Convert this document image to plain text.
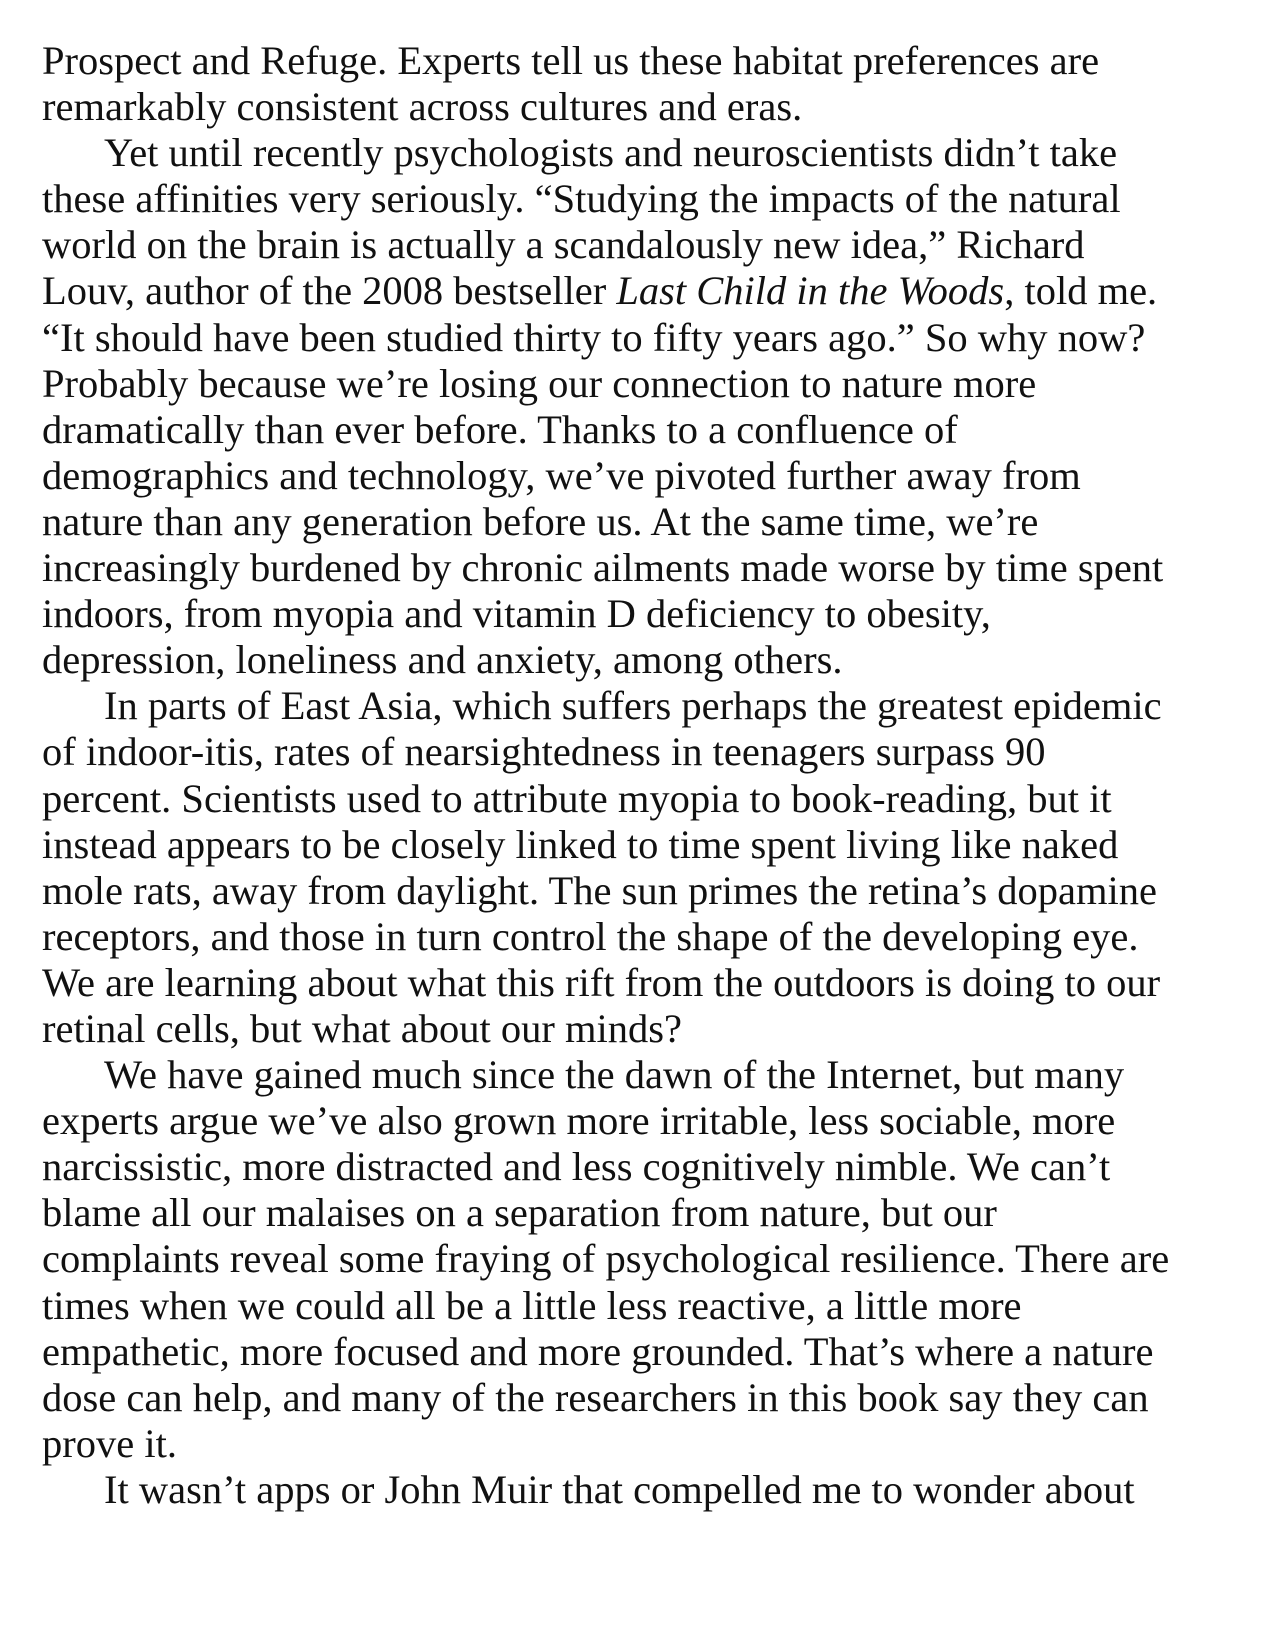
Prospect and Refuge. Experts tell us these habitat preferences are
remarkably consistent across cultures and eras.
Yet until recently psychologists and neuroscientists didn’t take
these affinities very seriously. “Studying the impacts of the natural
world on the brain is actually a scandalously new idea,” Richard
Louv, author of the 2008 bestseller Last Child in the Woods, told me.
“It should have been studied thirty to fifty years ago.” So why now?
Probably because we’re losing our connection to nature more
dramatically than ever before. Thanks to a confluence of
demographics and technology, we’ve pivoted further away from
nature than any generation before us. At the same time, we’re
increasingly burdened by chronic ailments made worse by time spent
indoors, from myopia and vitamin D deficiency to obesity,
depression, loneliness and anxiety, among others.
In parts of East Asia, which suffers perhaps the greatest epidemic
of indoor-itis, rates of nearsightedness in teenagers surpass 90
percent. Scientists used to attribute myopia to book-reading, but it
instead appears to be closely linked to time spent living like naked
mole rats, away from daylight. The sun primes the retina’s dopamine
receptors, and those in turn control the shape of the developing eye.
We are learning about what this rift from the outdoors is doing to our
retinal cells, but what about our minds?
We have gained much since the dawn of the Internet, but many
experts argue we’ve also grown more irritable, less sociable, more
narcissistic, more distracted and less cognitively nimble. We can’t
blame all our malaises on a separation from nature, but our
complaints reveal some fraying of psychological resilience. There are
times when we could all be a little less reactive, a little more
empathetic, more focused and more grounded. That’s where a nature
dose can help, and many of the researchers in this book say they can
prove it.
It wasn’t apps or John Muir that compelled me to wonder about
